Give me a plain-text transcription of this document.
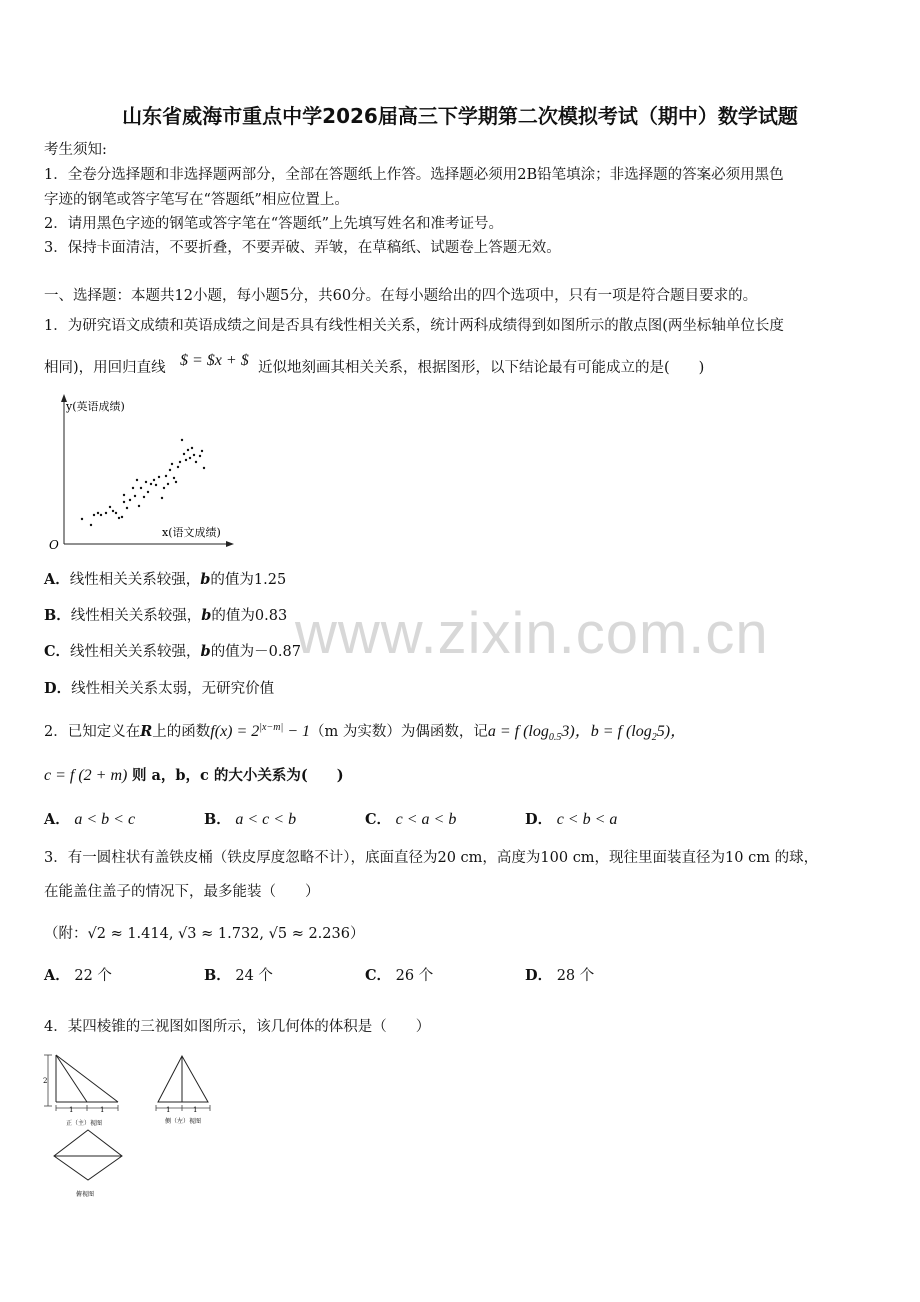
山东省威海市重点中学2026届高三下学期第二次模拟考试（期中）数学试题
考生须知:
1．全卷分选择题和非选择题两部分，全部在答题纸上作答。选择题必须用2B铅笔填涂；非选择题的答案必须用黑色
字迹的钢笔或答字笔写在“答题纸”相应位置上。
2．请用黑色字迹的钢笔或答字笔在“答题纸”上先填写姓名和准考证号。
3．保持卡面清洁，不要折叠，不要弄破、弄皱，在草稿纸、试题卷上答题无效。
一、选择题：本题共12小题，每小题5分，共60分。在每小题给出的四个选项中，只有一项是符合题目要求的。
1．为研究语文成绩和英语成绩之间是否具有线性相关关系，统计两科成绩得到如图所示的散点图(两坐标轴单位长度
相同)，用回归直线 $ = $x + $ 近似地刻画其相关关系，根据图形，以下结论最有可能成立的是(　　)
y(英语成绩)
x(语文成绩)
O
A．线性相关关系较强，b的值为1.25
B．线性相关关系较强，b的值为0.83
C．线性相关关系较强，b的值为－0.87
D．线性相关关系太弱，无研究价值
www.zixin.com.cn
2．已知定义在R上的函数$f(x) = 2^{|x-m|} - 1(m$ 为实数）为偶函数，记a = f $(\log_{0.5}3)$，b = f $(\log_25)$，
c = f (2 + m) 则 a，b，c 的大小关系为(　　)
A． a < b < c	B． a < c < b	C． c < a < b	D． c < b < a
3．有一圆柱状有盖铁皮桶（铁皮厚度忽略不计），底面直径为20 cm，高度为100 cm，现往里面装直径为10 cm 的球，
在能盖住盖子的情况下，最多能装（　　）
（附：√2 ≈ 1.414, √3 ≈ 1.732, √5 ≈ 2.236）
A． 22 个	B． 24 个	C． 26 个	D． 28 个
4．某四棱锥的三视图如图所示，该几何体的体积是（　　）
2
1	1
正（主）视图
1	1
侧（左）视图
俯视图
